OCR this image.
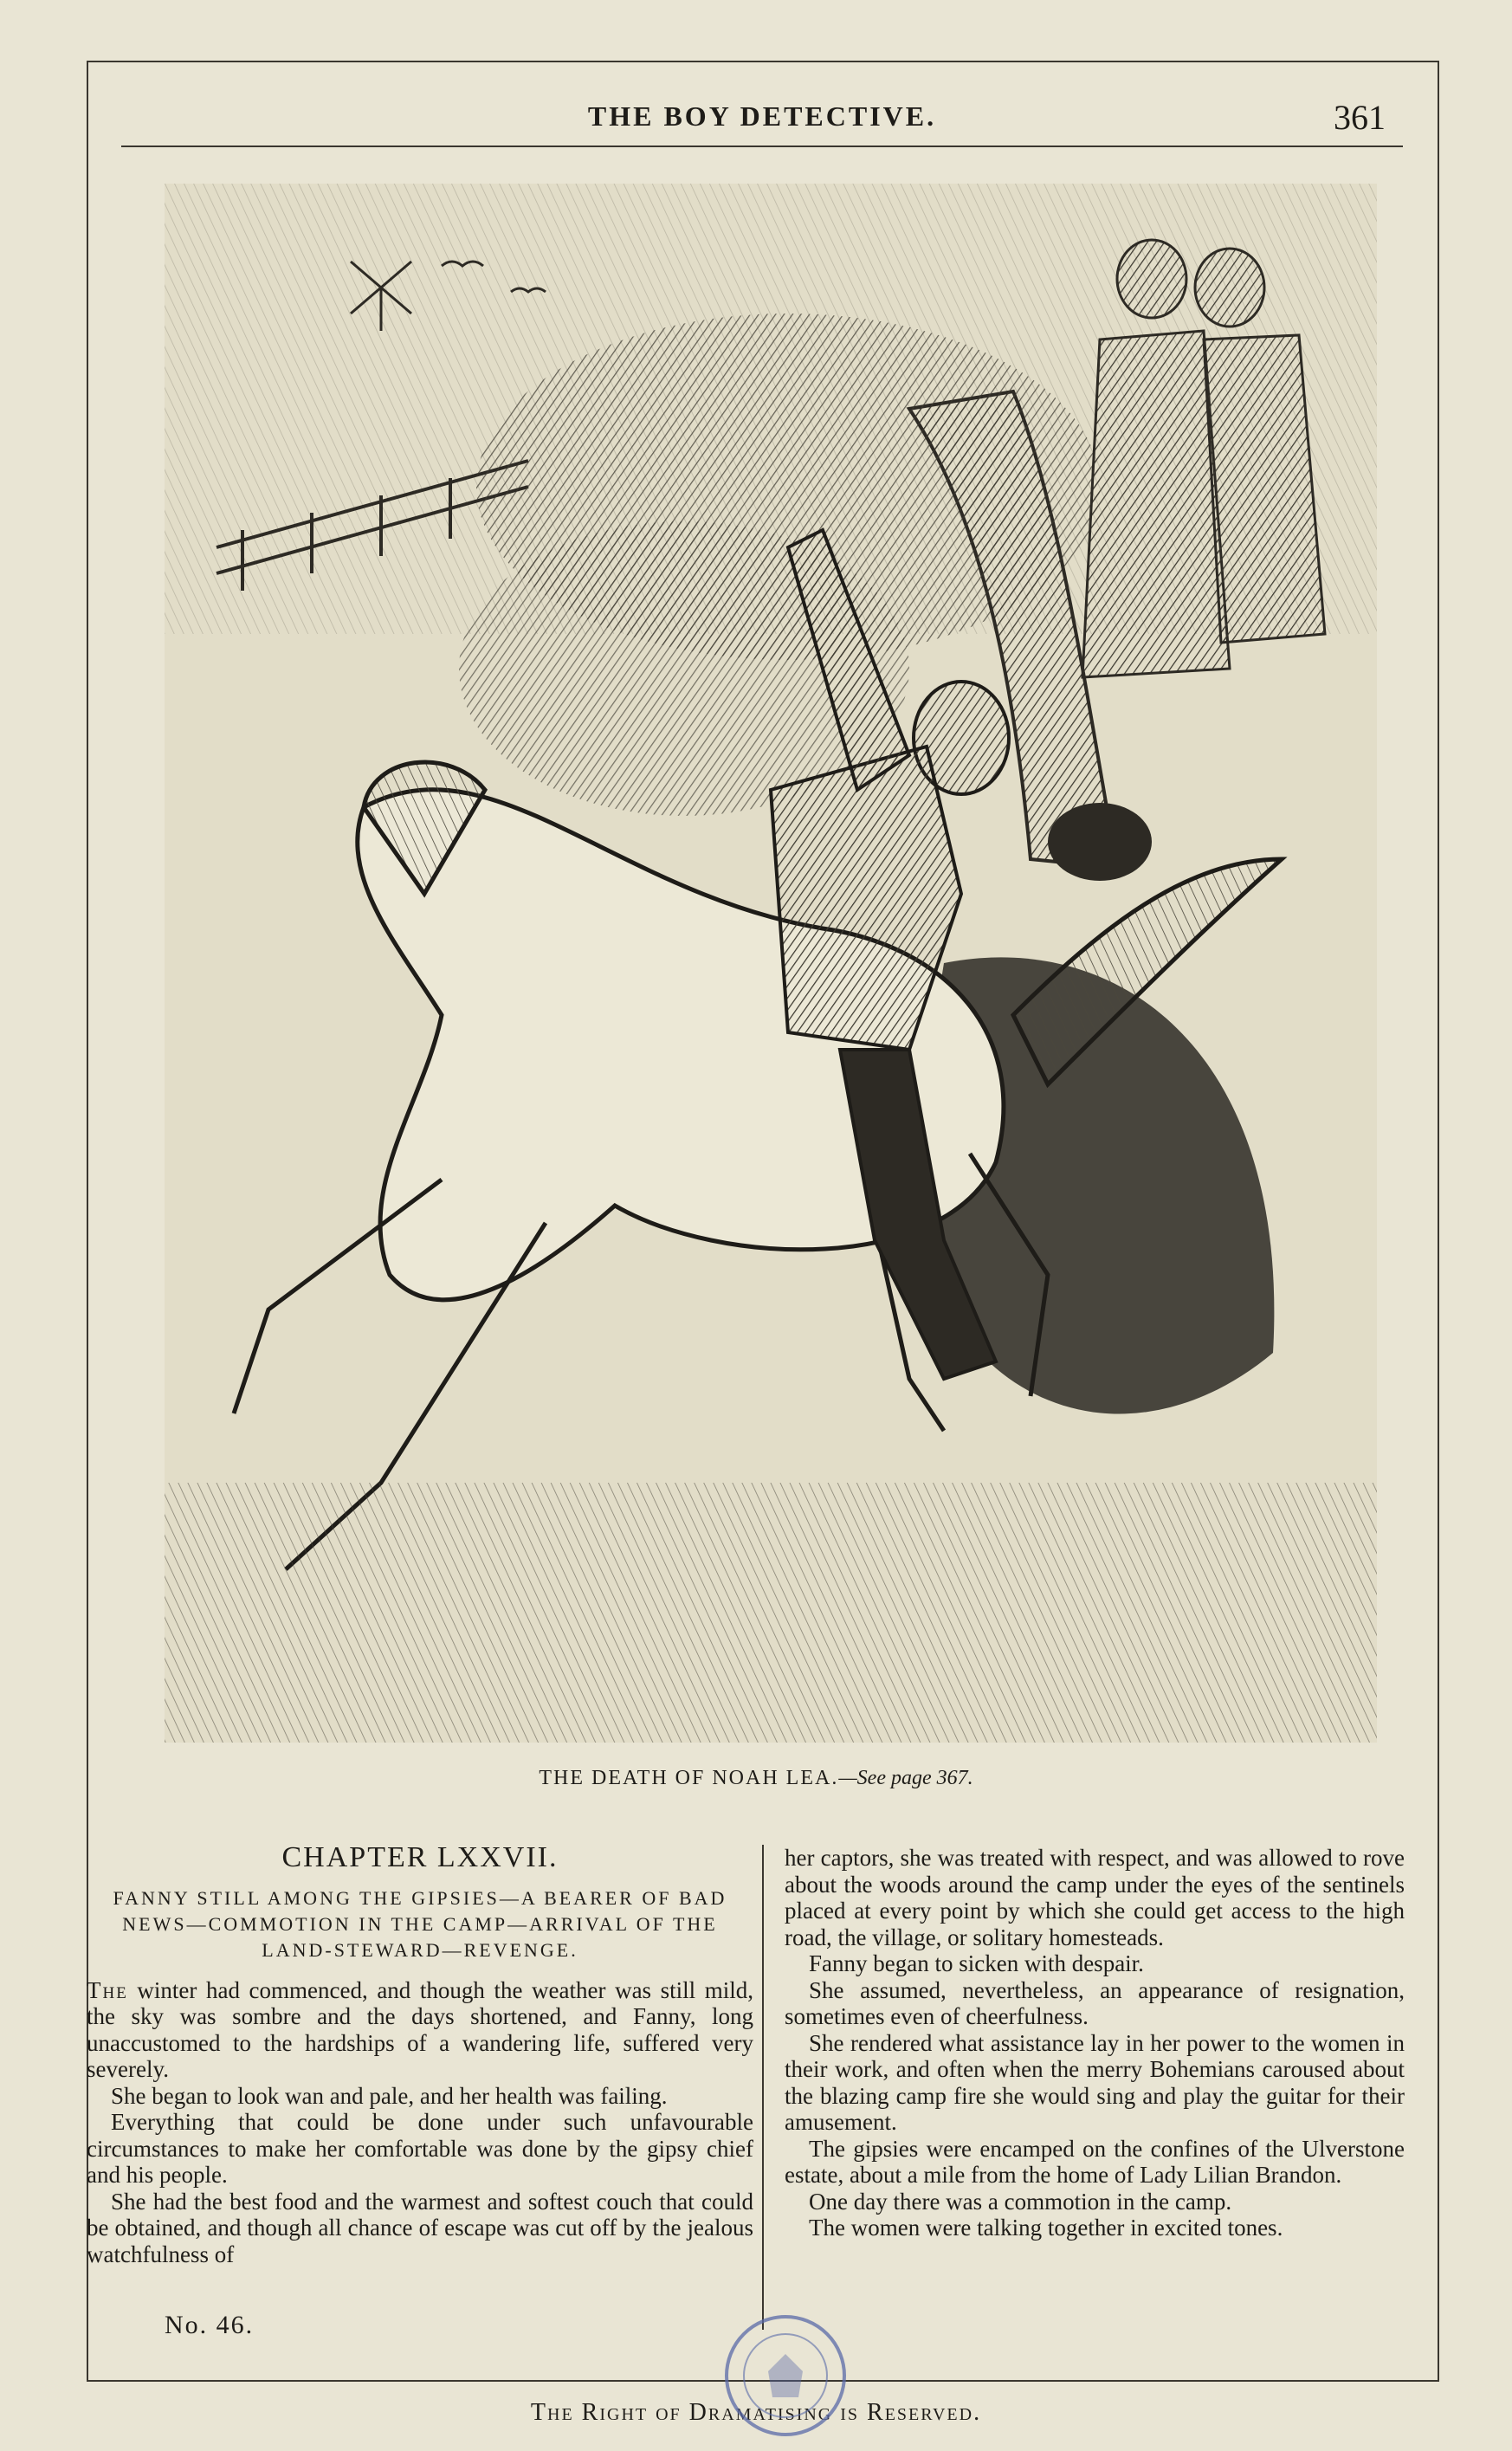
THE BOY DETECTIVE.	361
THE DEATH OF NOAH LEA.—See page 367.
CHAPTER LXXVII.
FANNY STILL AMONG THE GIPSIES—A BEARER OF BAD NEWS—COMMOTION IN THE CAMP—ARRIVAL OF THE LAND-STEWARD—REVENGE.

The winter had commenced, and though the weather was still mild, the sky was sombre and the days shortened, and Fanny, long unaccustomed to the hardships of a wandering life, suffered very severely.

She began to look wan and pale, and her health was failing.

Everything that could be done under such unfavourable circumstances to make her comfortable was done by the gipsy chief and his people.

She had the best food and the warmest and softest couch that could be obtained, and though all chance of escape was cut off by the jealous watchfulness of

her captors, she was treated with respect, and was allowed to rove about the woods around the camp under the eyes of the sentinels placed at every point by which she could get access to the high road, the village, or solitary homesteads.

Fanny began to sicken with despair.

She assumed, nevertheless, an appearance of resignation, sometimes even of cheerfulness.

She rendered what assistance lay in her power to the women in their work, and often when the merry Bohemians caroused about the blazing camp fire she would sing and play the guitar for their amusement.

The gipsies were encamped on the confines of the Ulverstone estate, about a mile from the home of Lady Lilian Brandon.

One day there was a commotion in the camp.

The women were talking together in excited tones.

No. 46.
The Right of Dramatising is Reserved.
